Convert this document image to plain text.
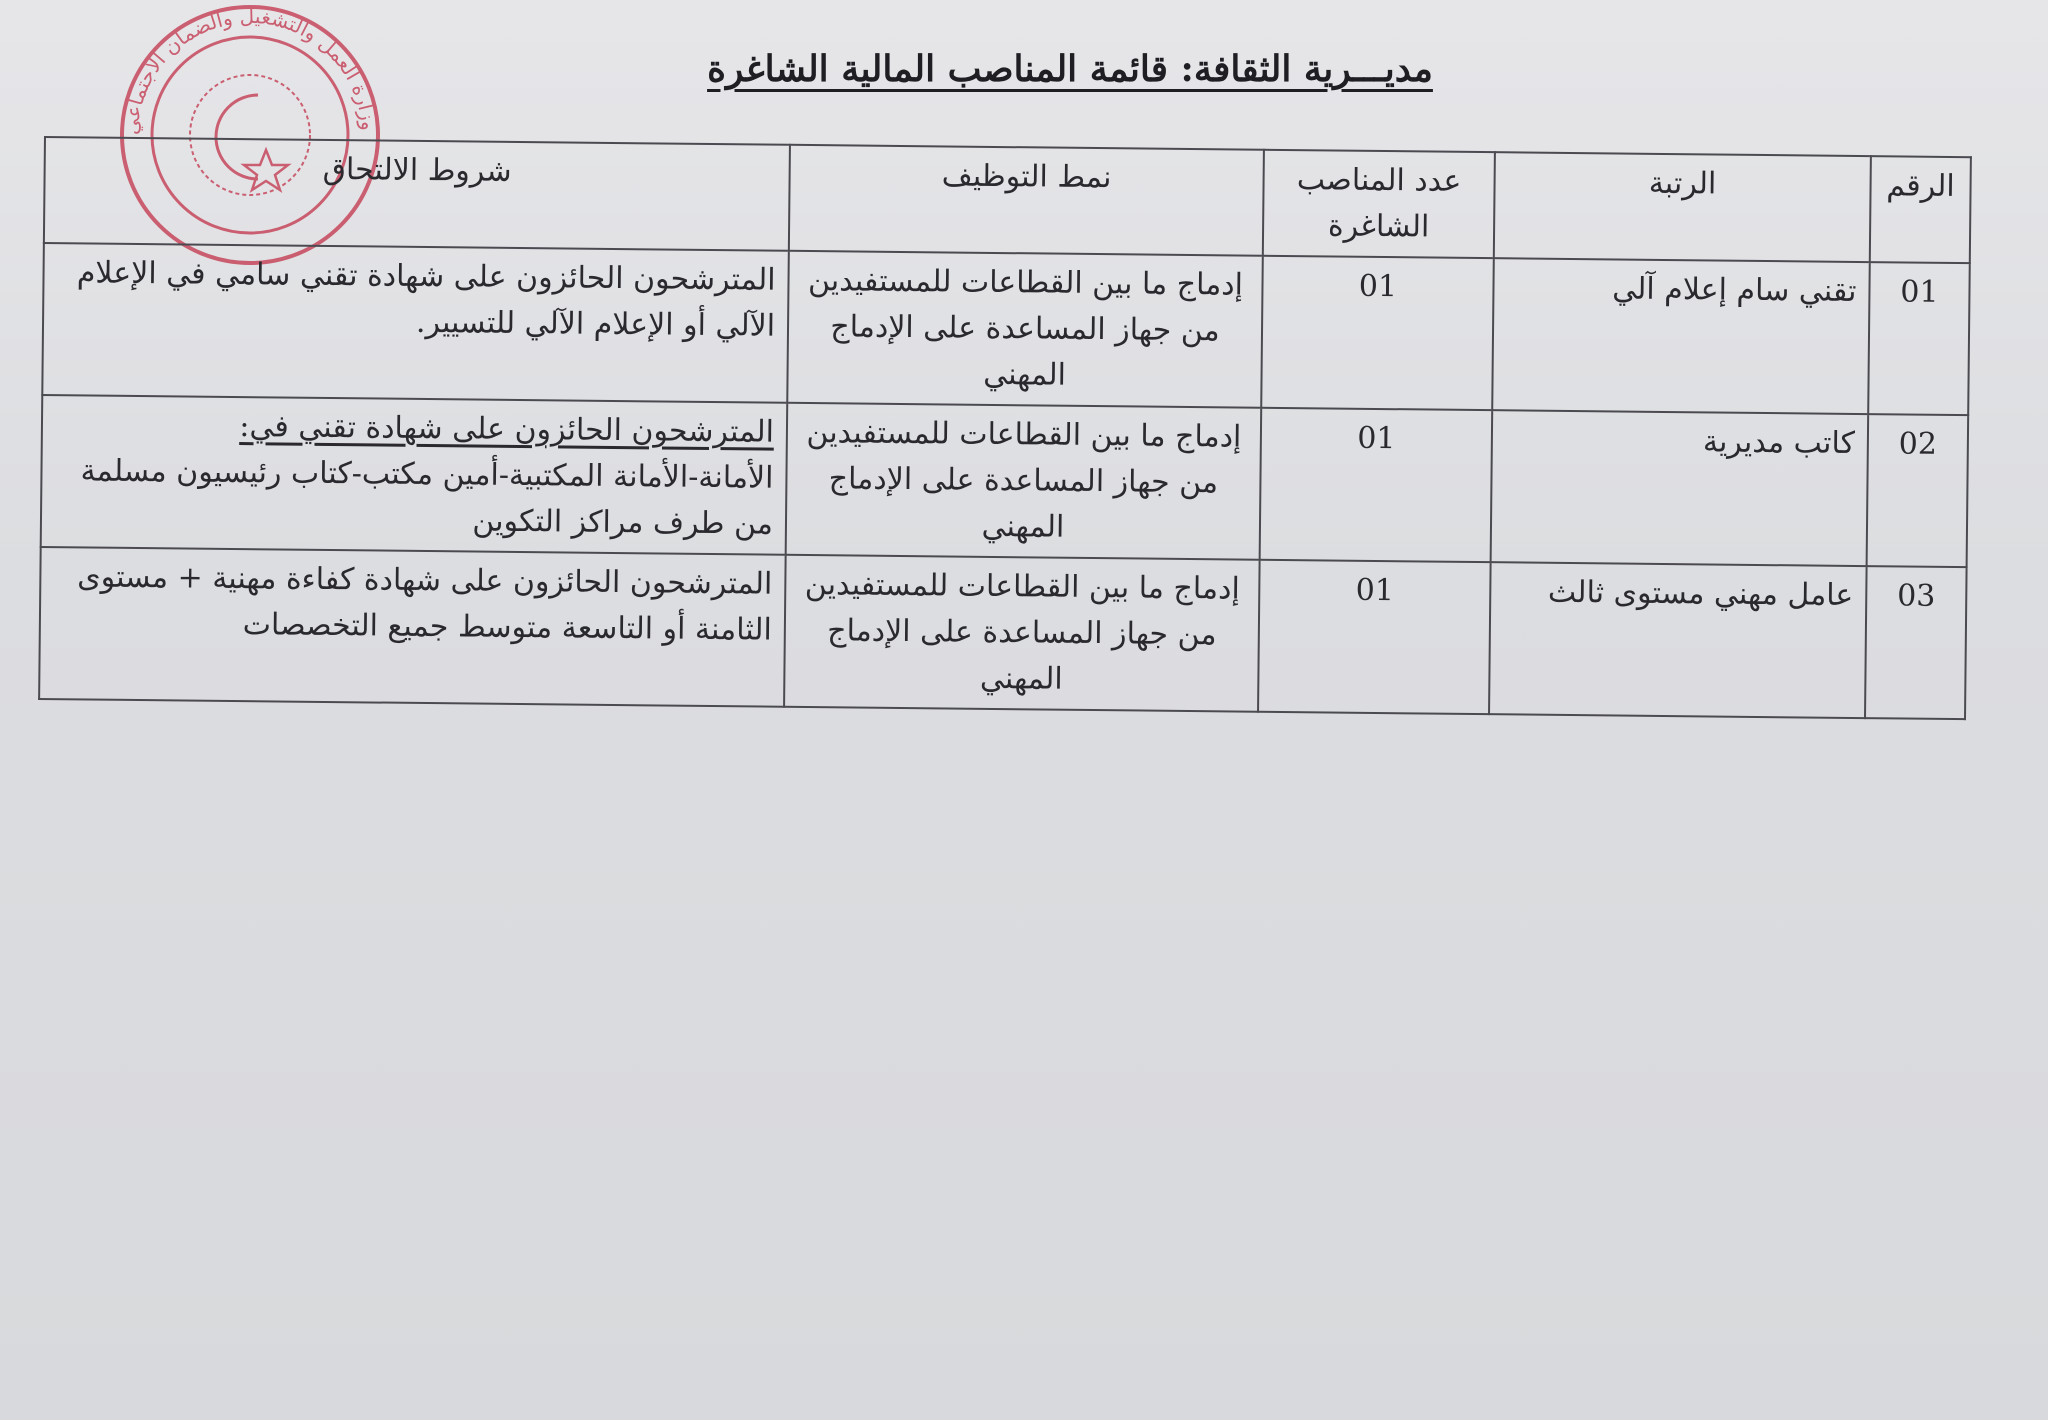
وزارة العمل والتشغيل والضمان الاجتماعي
مديـــرية الثقافة: قائمة المناصب المالية الشاغرة
الرقم	الرتبة	عدد المناصب الشاغرة	نمط التوظيف	شروط الالتحاق
01	تقني سام إعلام آلي	01	إدماج ما بين القطاعات للمستفيدين من جهاز المساعدة على الإدماج المهني	المترشحون الحائزون على شهادة تقني سامي في الإعلام الآلي أو الإعلام الآلي للتسيير.

02	كاتب مديرية	01	إدماج ما بين القطاعات للمستفيدين من جهاز المساعدة على الإدماج المهني	المترشحون الحائزون على شهادة تقني في:
الأمانة-الأمانة المكتبية-أمين مكتب-كتاب رئيسيون مسلمة من طرف مراكز التكوين

03	عامل مهني مستوى ثالث	01	إدماج ما بين القطاعات للمستفيدين من جهاز المساعدة على الإدماج المهني	المترشحون الحائزون على شهادة كفاءة مهنية + مستوى الثامنة أو التاسعة متوسط جميع التخصصات
